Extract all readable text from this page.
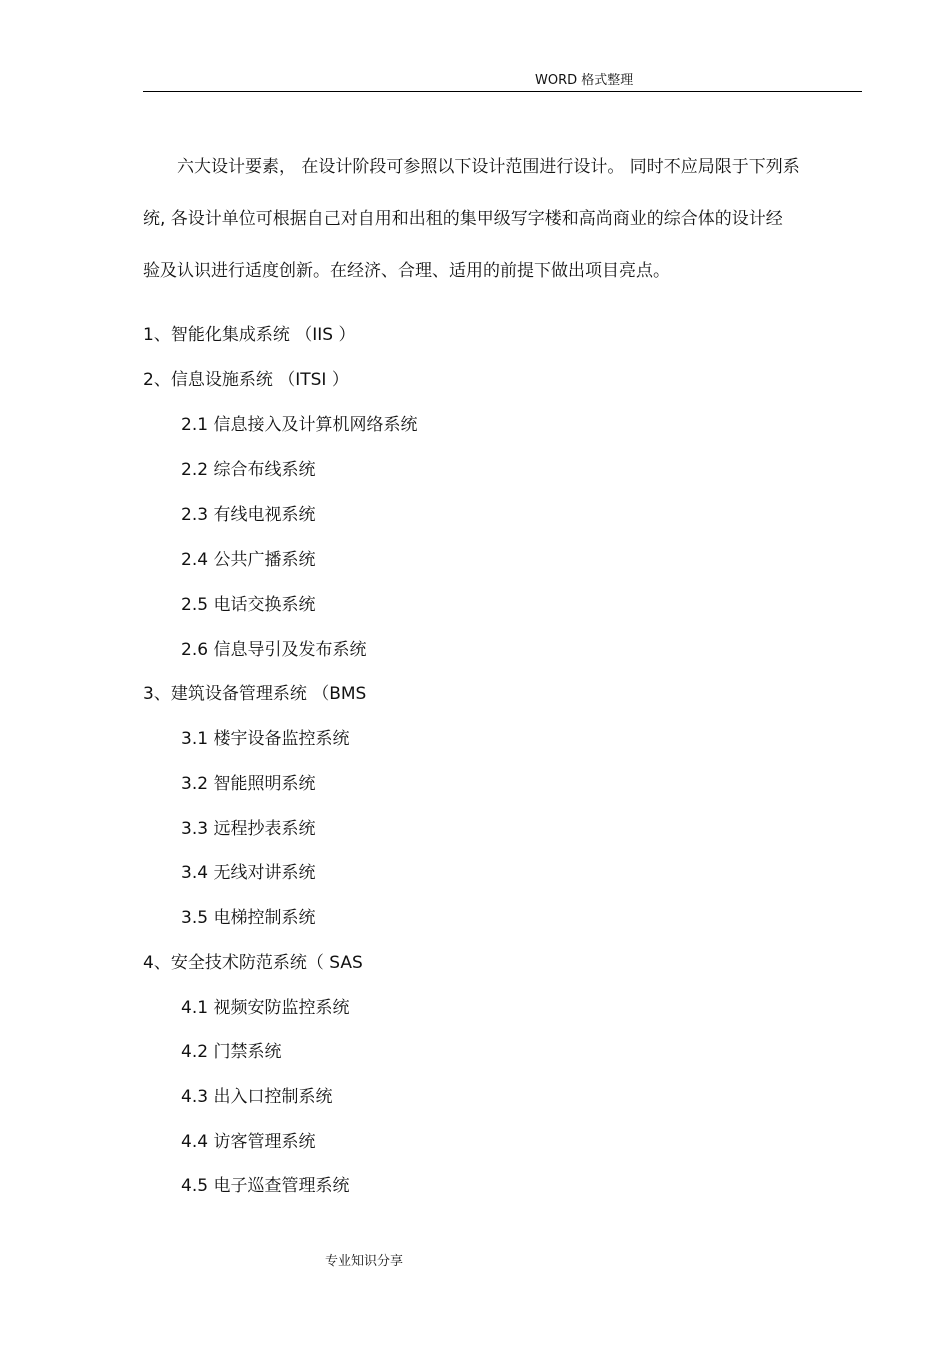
WORD 格式整理
　　六大设计要素， 在设计阶段可参照以下设计范围进行设计。 同时不应局限于下列系
统, 各设计单位可根据自己对自用和出租的集甲级写字楼和高尚商业的综合体的设计经
验及认识进行适度创新。在经济、合理、适用的前提下做出项目亮点。
1、智能化集成系统 （IIS ）
2、信息设施系统 （ITSI ）
2.1 信息接入及计算机网络系统
2.2 综合布线系统
2.3 有线电视系统
2.4 公共广播系统
2.5 电话交换系统
2.6 信息导引及发布系统
3、建筑设备管理系统 （BMS
3.1 楼宇设备监控系统
3.2 智能照明系统
3.3 远程抄表系统
3.4 无线对讲系统
3.5 电梯控制系统
4、安全技术防范系统（ SAS
4.1 视频安防监控系统
4.2 门禁系统
4.3 出入口控制系统
4.4 访客管理系统
4.5 电子巡查管理系统
专业知识分享
